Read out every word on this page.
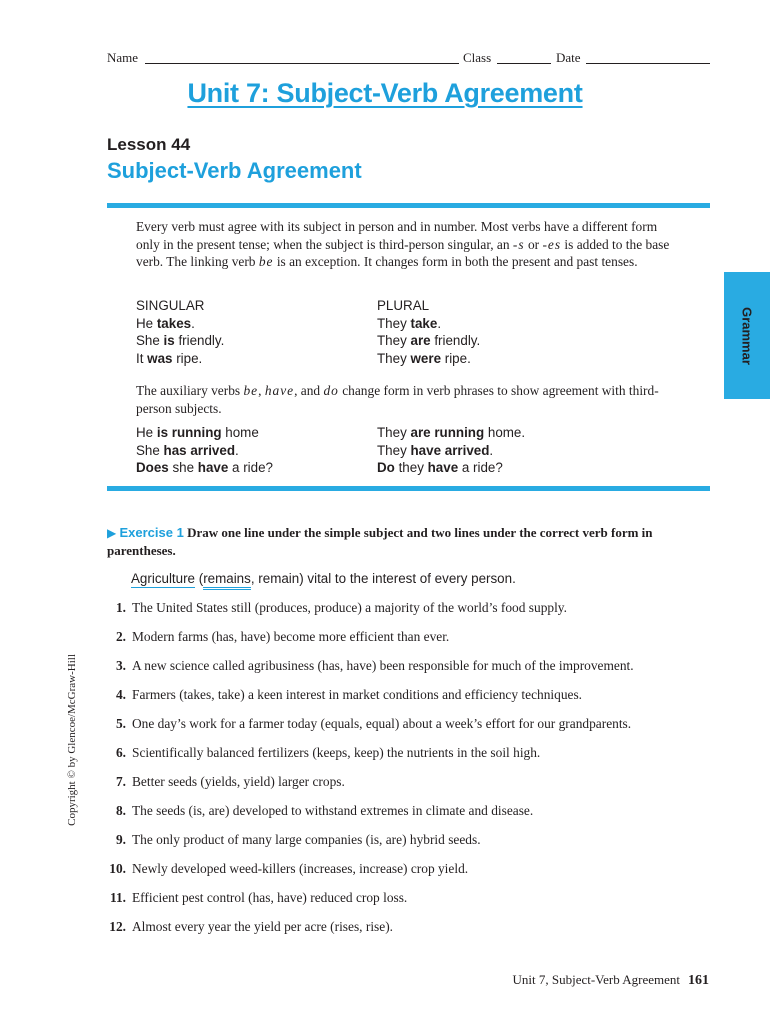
Name	Class	Date
Unit 7: Subject-Verb Agreement
Lesson 44
Subject-Verb Agreement
Every verb must agree with its subject in person and in number. Most verbs have a different form only in the present tense; when the subject is third-person singular, an -s or -es is added to the base verb. The linking verb be is an exception. It changes form in both the present and past tenses.
SINGULAR
He takes.
She is friendly.
It was ripe.
PLURAL
They take.
They are friendly.
They were ripe.
The auxiliary verbs be, have, and do change form in verb phrases to show agreement with third-person subjects.
He is running home
She has arrived.
Does she have a ride?
They are running home.
They have arrived.
Do they have a ride?
Grammar
Copyright © by Glencoe/McGraw-Hill
▶ Exercise 1 Draw one line under the simple subject and two lines under the correct verb form in parentheses.
Agriculture (remains, remain) vital to the interest of every person.
1. The United States still (produces, produce) a majority of the world’s food supply.
2. Modern farms (has, have) become more efficient than ever.
3. A new science called agribusiness (has, have) been responsible for much of the improvement.
4. Farmers (takes, take) a keen interest in market conditions and efficiency techniques.
5. One day’s work for a farmer today (equals, equal) about a week’s effort for our grandparents.
6. Scientifically balanced fertilizers (keeps, keep) the nutrients in the soil high.
7. Better seeds (yields, yield) larger crops.
8. The seeds (is, are) developed to withstand extremes in climate and disease.
9. The only product of many large companies (is, are) hybrid seeds.
10. Newly developed weed-killers (increases, increase) crop yield.
11. Efficient pest control (has, have) reduced crop loss.
12. Almost every year the yield per acre (rises, rise).
Unit 7, Subject-Verb Agreement 161
